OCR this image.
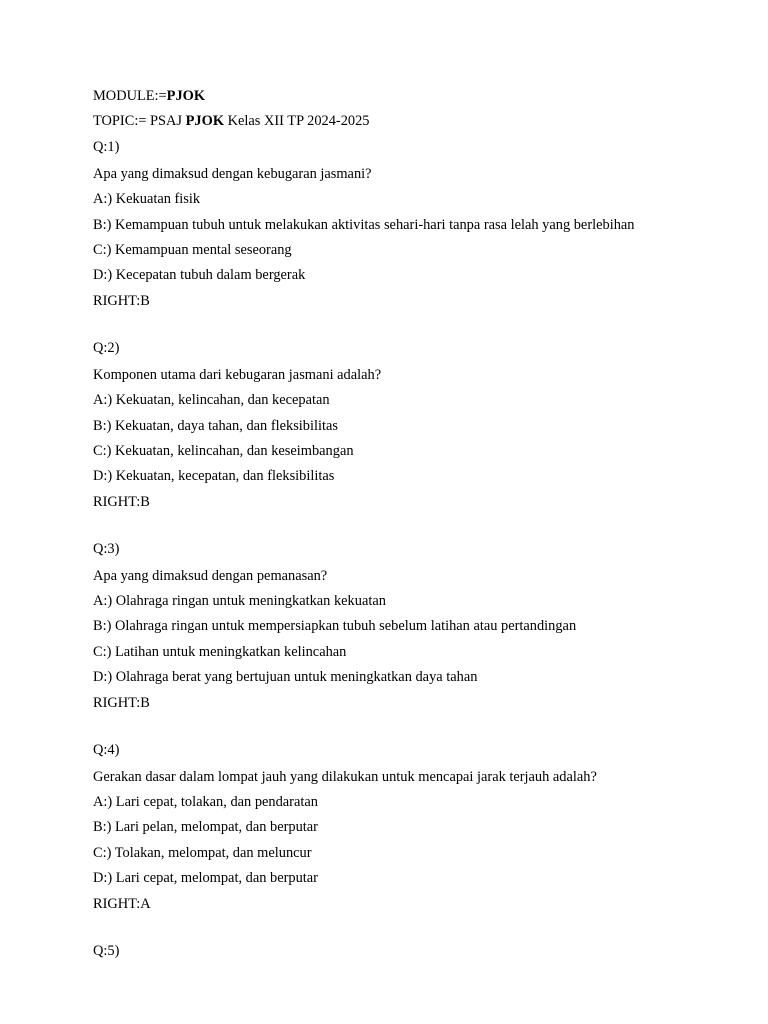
MODULE:=PJOK
TOPIC:= PSAJ PJOK Kelas XII TP 2024-2025
Q:1)
Apa yang dimaksud dengan kebugaran jasmani?
A:) Kekuatan fisik
B:) Kemampuan tubuh untuk melakukan aktivitas sehari-hari tanpa rasa lelah yang berlebihan
C:) Kemampuan mental seseorang
D:) Kecepatan tubuh dalam bergerak
RIGHT:B
Q:2)
Komponen utama dari kebugaran jasmani adalah?
A:) Kekuatan, kelincahan, dan kecepatan
B:) Kekuatan, daya tahan, dan fleksibilitas
C:) Kekuatan, kelincahan, dan keseimbangan
D:) Kekuatan, kecepatan, dan fleksibilitas
RIGHT:B
Q:3)
Apa yang dimaksud dengan pemanasan?
A:) Olahraga ringan untuk meningkatkan kekuatan
B:) Olahraga ringan untuk mempersiapkan tubuh sebelum latihan atau pertandingan
C:) Latihan untuk meningkatkan kelincahan
D:) Olahraga berat yang bertujuan untuk meningkatkan daya tahan
RIGHT:B
Q:4)
Gerakan dasar dalam lompat jauh yang dilakukan untuk mencapai jarak terjauh adalah?
A:) Lari cepat, tolakan, dan pendaratan
B:) Lari pelan, melompat, dan berputar
C:) Tolakan, melompat, dan meluncur
D:) Lari cepat, melompat, dan berputar
RIGHT:A
Q:5)
